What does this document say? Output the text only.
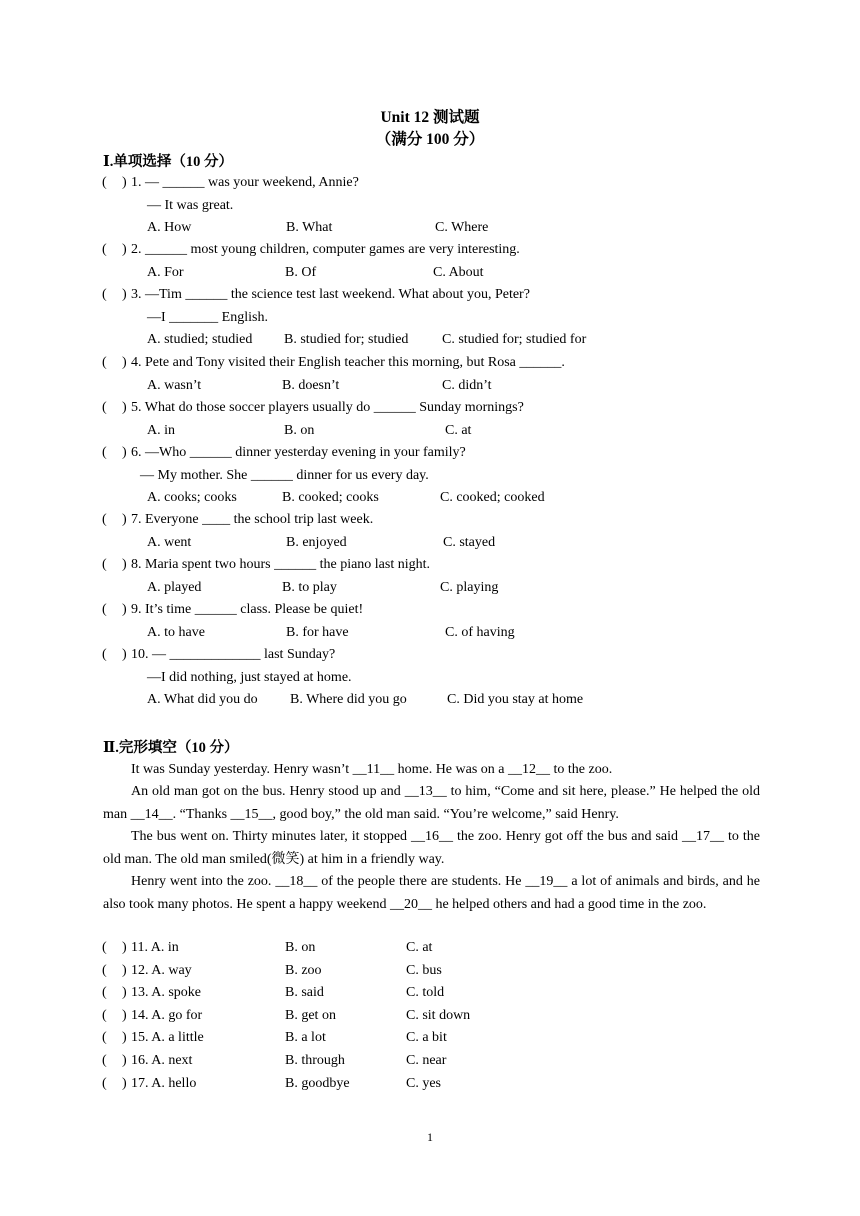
Unit 12 测试题
（满分 100 分）
Ⅰ.单项选择（10 分）
( ) 1. — ______ was your weekend, Annie?
— It was great.
A. How	B. What	C. Where
( ) 2. ______ most young children, computer games are very interesting.
A. For	B. Of	C. About
( ) 3. —Tim ______ the science test last weekend. What about you, Peter?
—I _______ English.
A. studied; studied B. studied for; studied C. studied for; studied for
( ) 4. Pete and Tony visited their English teacher this morning, but Rosa ______.
A. wasn’t	B. doesn’t	C. didn’t
( ) 5. What do those soccer players usually do ______ Sunday mornings?
A. in	B. on	C. at
( ) 6. —Who ______ dinner yesterday evening in your family?
— My mother. She ______ dinner for us every day.
A. cooks; cooks	B. cooked; cooks	C. cooked; cooked
( ) 7. Everyone ____ the school trip last week.
A. went	B. enjoyed	C. stayed
( ) 8. Maria spent two hours ______ the piano last night.
A. played	B. to play	C. playing
( ) 9. It’s time ______ class. Please be quiet!
A. to have	B. for have	C. of having
( ) 10. — _____________ last Sunday?
—I did nothing, just stayed at home.
A. What did you do B. Where did you go	C. Did you stay at home
Ⅱ.完形填空（10 分）
It was Sunday yesterday. Henry wasn’t __11__ home. He was on a __12__ to the zoo.
An old man got on the bus. Henry stood up and __13__ to him, “Come and sit here, please.” He helped the old man __14__. “Thanks __15__, good boy,” the old man said. “You’re welcome,” said Henry.
The bus went on. Thirty minutes later, it stopped __16__ the zoo. Henry got off the bus and said __17__ to the old man. The old man smiled(微笑) at him in a friendly way.
Henry went into the zoo. __18__ of the people there are students. He __19__ a lot of animals and birds, and he also took many photos. He spent a happy weekend __20__ he helped others and had a good time in the zoo.
( ) 11. A. in	B. on	C. at
( ) 12. A. way	B. zoo	C. bus
( ) 13. A. spoke	B. said	C. told
( ) 14. A. go for	B. get on	C. sit down
( ) 15. A. a little	B. a lot	C. a bit
( ) 16. A. next	B. through	C. near
( ) 17. A. hello	B. goodbye	C. yes
1
